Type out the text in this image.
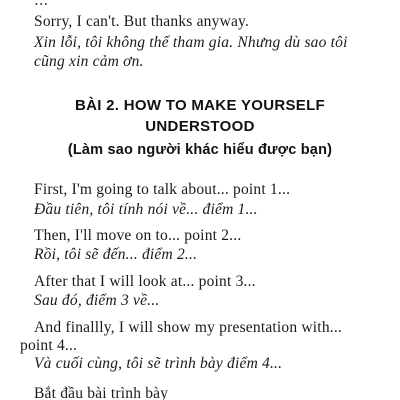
...
Sorry, I can't. But thanks anyway.
Xin lỗi, tôi không thể tham gia. Nhưng dù sao tôi
cũng xin cảm ơn.
BÀI 2. HOW TO MAKE YOURSELF
UNDERSTOOD
(Làm sao người khác hiểu được bạn)
First, I'm going to talk about... point 1...
Đầu tiên, tôi tính nói về... điểm 1...
Then, I'll move on to... point 2...
Rồi, tôi sẽ đến... điểm 2...
After that I will look at... point 3...
Sau đó, điểm 3 về...
And finallly, I will show my presentation with...
point 4...
Và cuối cùng, tôi sẽ trình bày điểm 4...
Bắt đầu bài trình bày
